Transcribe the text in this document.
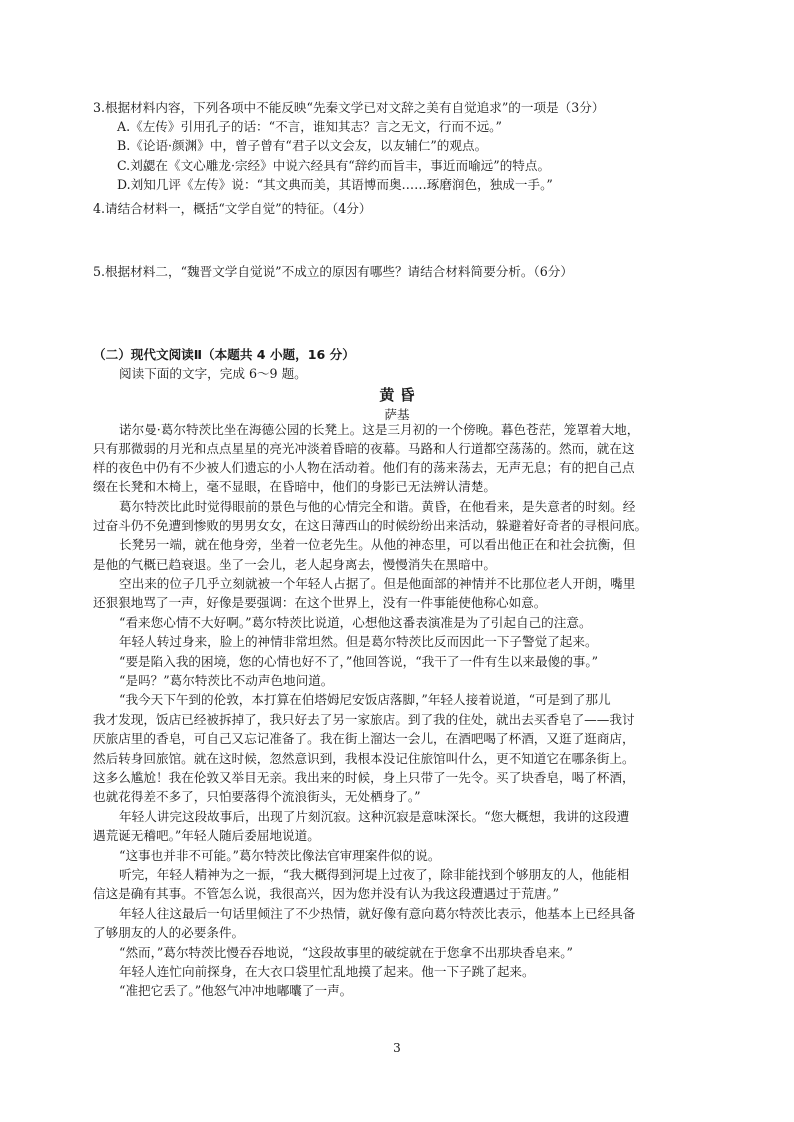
3.根据材料内容，下列各项中不能反映“先秦文学已对文辞之美有自觉追求”的一项是（3分）
A.《左传》引用孔子的话：“不言，谁知其志？言之无文，行而不远。”
B.《论语·颜渊》中，曾子曾有“君子以文会友，以友辅仁”的观点。
C.刘勰在《文心雕龙·宗经》中说六经具有“辞约而旨丰，事近而喻远”的特点。
D.刘知几评《左传》说：“其文典而美，其语博而奥……琢磨润色，独成一手。”
4.请结合材料一，概括“文学自觉”的特征。（4分）
5.根据材料二，“魏晋文学自觉说”不成立的原因有哪些？请结合材料简要分析。（6分）
（二）现代文阅读Ⅱ（本题共 4 小题，16 分）
阅读下面的文字，完成 6～9 题。
黄 昏
萨基
诺尔曼·葛尔特茨比坐在海德公园的长凳上。这是三月初的一个傍晚。暮色苍茫，笼罩着大地，
只有那微弱的月光和点点星星的亮光冲淡着昏暗的夜幕。马路和人行道都空荡荡的。然而，就在这
样的夜色中仍有不少被人们遗忘的小人物在活动着。他们有的荡来荡去，无声无息；有的把自己点
缀在长凳和木椅上，毫不显眼，在昏暗中，他们的身影已无法辨认清楚。
葛尔特茨比此时觉得眼前的景色与他的心情完全和谐。黄昏，在他看来，是失意者的时刻。经
过奋斗仍不免遭到惨败的男男女女，在这日薄西山的时候纷纷出来活动，躲避着好奇者的寻根问底。
长凳另一端，就在他身旁，坐着一位老先生。从他的神态里，可以看出他正在和社会抗衡，但
是他的气概已趋衰退。坐了一会儿，老人起身离去，慢慢消失在黑暗中。
空出来的位子几乎立刻就被一个年轻人占据了。但是他面部的神情并不比那位老人开朗，嘴里
还狠狠地骂了一声，好像是要强调：在这个世界上，没有一件事能使他称心如意。
“看来您心情不大好啊。”葛尔特茨比说道，心想他这番表演准是为了引起自己的注意。
年轻人转过身来，脸上的神情非常坦然。但是葛尔特茨比反而因此一下子警觉了起来。
“要是陷入我的困境，您的心情也好不了，”他回答说，“我干了一件有生以来最傻的事。”
“是吗？”葛尔特茨比不动声色地问道。
“我今天下午到的伦敦，本打算在伯塔姆尼安饭店落脚，”年轻人接着说道，“可是到了那儿
我才发现，饭店已经被拆掉了，我只好去了另一家旅店。到了我的住处，就出去买香皂了——我讨
厌旅店里的香皂，可自己又忘记准备了。我在街上溜达一会儿，在酒吧喝了杯酒，又逛了逛商店，
然后转身回旅馆。就在这时候，忽然意识到，我根本没记住旅馆叫什么，更不知道它在哪条街上。
这多么尴尬！我在伦敦又举目无亲。我出来的时候，身上只带了一先令。买了块香皂，喝了杯酒，
也就花得差不多了，只怕要落得个流浪街头，无处栖身了。”
年轻人讲完这段故事后，出现了片刻沉寂。这种沉寂是意味深长。“您大概想，我讲的这段遭
遇荒诞无稽吧。”年轻人随后委屈地说道。
“这事也并非不可能。”葛尔特茨比像法官审理案件似的说。
听完，年轻人精神为之一振，“我大概得到河堤上过夜了，除非能找到个够朋友的人，他能相
信这是确有其事。不管怎么说，我很高兴，因为您并没有认为我这段遭遇过于荒唐。”
年轻人往这最后一句话里倾注了不少热情，就好像有意向葛尔特茨比表示，他基本上已经具备
了够朋友的人的必要条件。
“然而，”葛尔特茨比慢吞吞地说，“这段故事里的破绽就在于您拿不出那块香皂来。”
年轻人连忙向前探身，在大衣口袋里忙乱地摸了起来。他一下子跳了起来。
“准把它丢了。”他怒气冲冲地嘟囔了一声。
3
